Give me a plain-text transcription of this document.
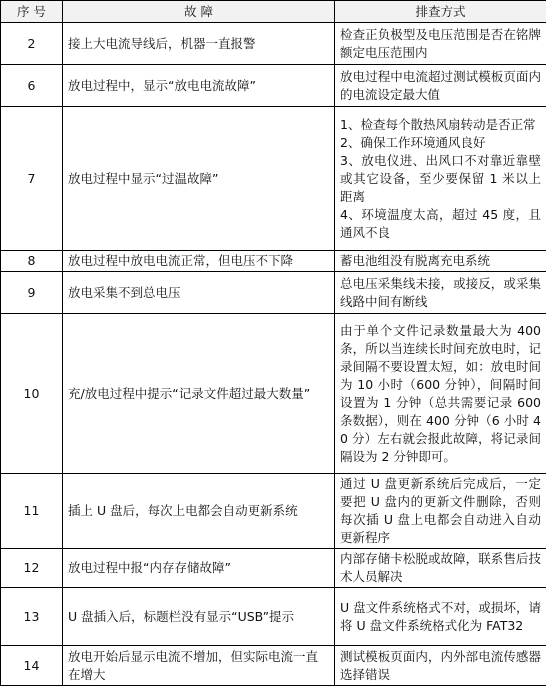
序 号	故 障	排查方式
2	接上大电流导线后，机器一直报警	检查正负极型及电压范围是否在铭牌额定电压范围内
6	放电过程中，显示“放电电流故障”	放电过程中电流超过测试模板页面内的电流设定最大值
7	放电过程中显示“过温故障”	1、检查每个散热风扇转动是否正常
2、确保工作环境通风良好
3、放电仪进、出风口不对靠近靠壁或其它设备，至少要保留 1 米以上距离
4、环境温度太高，超过 45 度，且通风不良

8	放电过程中放电电流正常，但电压不下降	蓄电池组没有脱离充电系统
9	放电采集不到总电压	总电压采集线未接，或接反，或采集线路中间有断线
10	充/放电过程中提示“记录文件超过最大数量”	由于单个文件记录数量最大为 400 条，所以当连续长时间充放电时，记录间隔不要设置太短，如：放电时间为 10 小时（600 分钟），间隔时间设置为 1 分钟（总共需要记录 600 条数据），则在 400 分钟（6 小时 40 分）左右就会报此故障，将记录间隔设为 2 分钟即可。
11	插上 U 盘后，每次上电都会自动更新系统	通过 U 盘更新系统后完成后，一定要把 U 盘内的更新文件删除，否则每次插 U 盘上电都会自动进入自动更新程序
12	放电过程中报“内存存储故障”	内部存储卡松脱或故障，联系售后技术人员解决
13	U 盘插入后，标题栏没有显示“USB”提示	U 盘文件系统格式不对，或损坏，请将 U 盘文件系统格式化为 FAT32
14	放电开始后显示电流不增加，但实际电流一直在增大	测试模板页面内，内外部电流传感器选择错误
